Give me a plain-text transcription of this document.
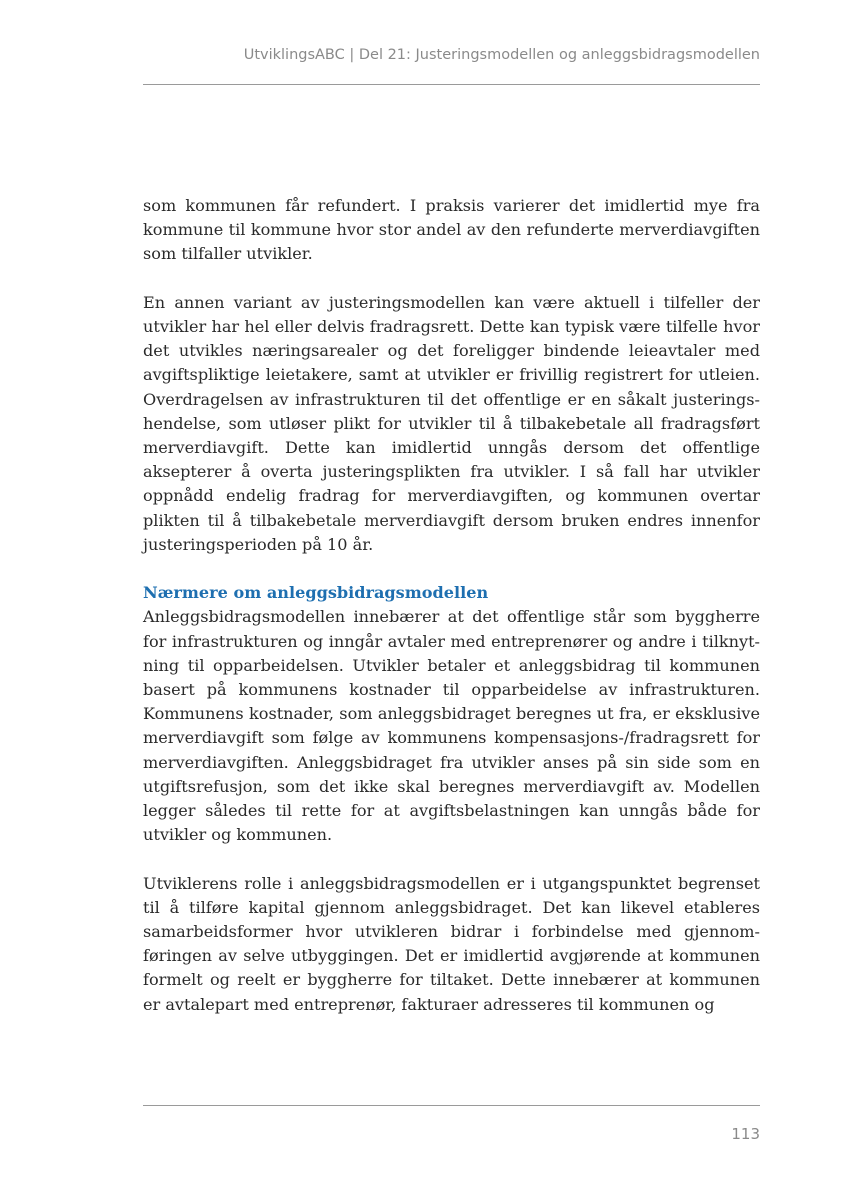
UtviklingsABC | Del 21: Justeringsmodellen og anleggsbidragsmodellen

som kommunen får refundert. I praksis varierer det imidlertid mye fra kommune til kommune hvor stor andel av den refunderte merverdiavgiften som tilfaller utvikler.

En annen variant av justeringsmodellen kan være aktuell i tilfeller der utvikler har hel eller delvis fradragsrett. Dette kan typisk være tilfelle hvor det utvikles næringsarealer og det foreligger bindende leieavtaler med avgiftspliktige leietakere, samt at utvikler er frivillig registrert for utleien. Overdragelsen av infrastrukturen til det offentlige er en såkalt justeringshendelse, som utløser plikt for utvikler til å tilbakebetale all fradragsført merverdiavgift. Dette kan imidlertid unngås dersom det offentlige aksepterer å overta justeringsplikten fra utvikler. I så fall har utvikler oppnådd endelig fradrag for merverdiavgiften, og kommunen overtar plikten til å tilbakebetale merverdiavgift dersom bruken endres innenfor justeringsperioden på 10 år.

Nærmere om anleggsbidragsmodellen

Anleggsbidragsmodellen innebærer at det offentlige står som byggherre for infrastrukturen og inngår avtaler med entreprenører og andre i tilknytning til opparbeidelsen. Utvikler betaler et anleggsbidrag til kommunen basert på kommunens kostnader til opparbeidelse av infrastrukturen. Kommunens kostnader, som anleggsbidraget beregnes ut fra, er eksklusive merverdiavgift som følge av kommunens kompensasjons-/fradragsrett for merverdiavgiften. Anleggsbidraget fra utvikler anses på sin side som en utgiftsrefusjon, som det ikke skal beregnes merverdiavgift av. Modellen legger således til rette for at avgiftsbelastningen kan unngås både for utvikler og kommunen.

Utviklerens rolle i anleggsbidragsmodellen er i utgangspunktet begrenset til å tilføre kapital gjennom anleggsbidraget. Det kan likevel etableres samarbeidsformer hvor utvikleren bidrar i forbindelse med gjennomføringen av selve utbyggingen. Det er imidlertid avgjørende at kommunen formelt og reelt er byggherre for tiltaket. Dette innebærer at kommunen er avtalepart med entreprenør, fakturaer adresseres til kommunen og

113
